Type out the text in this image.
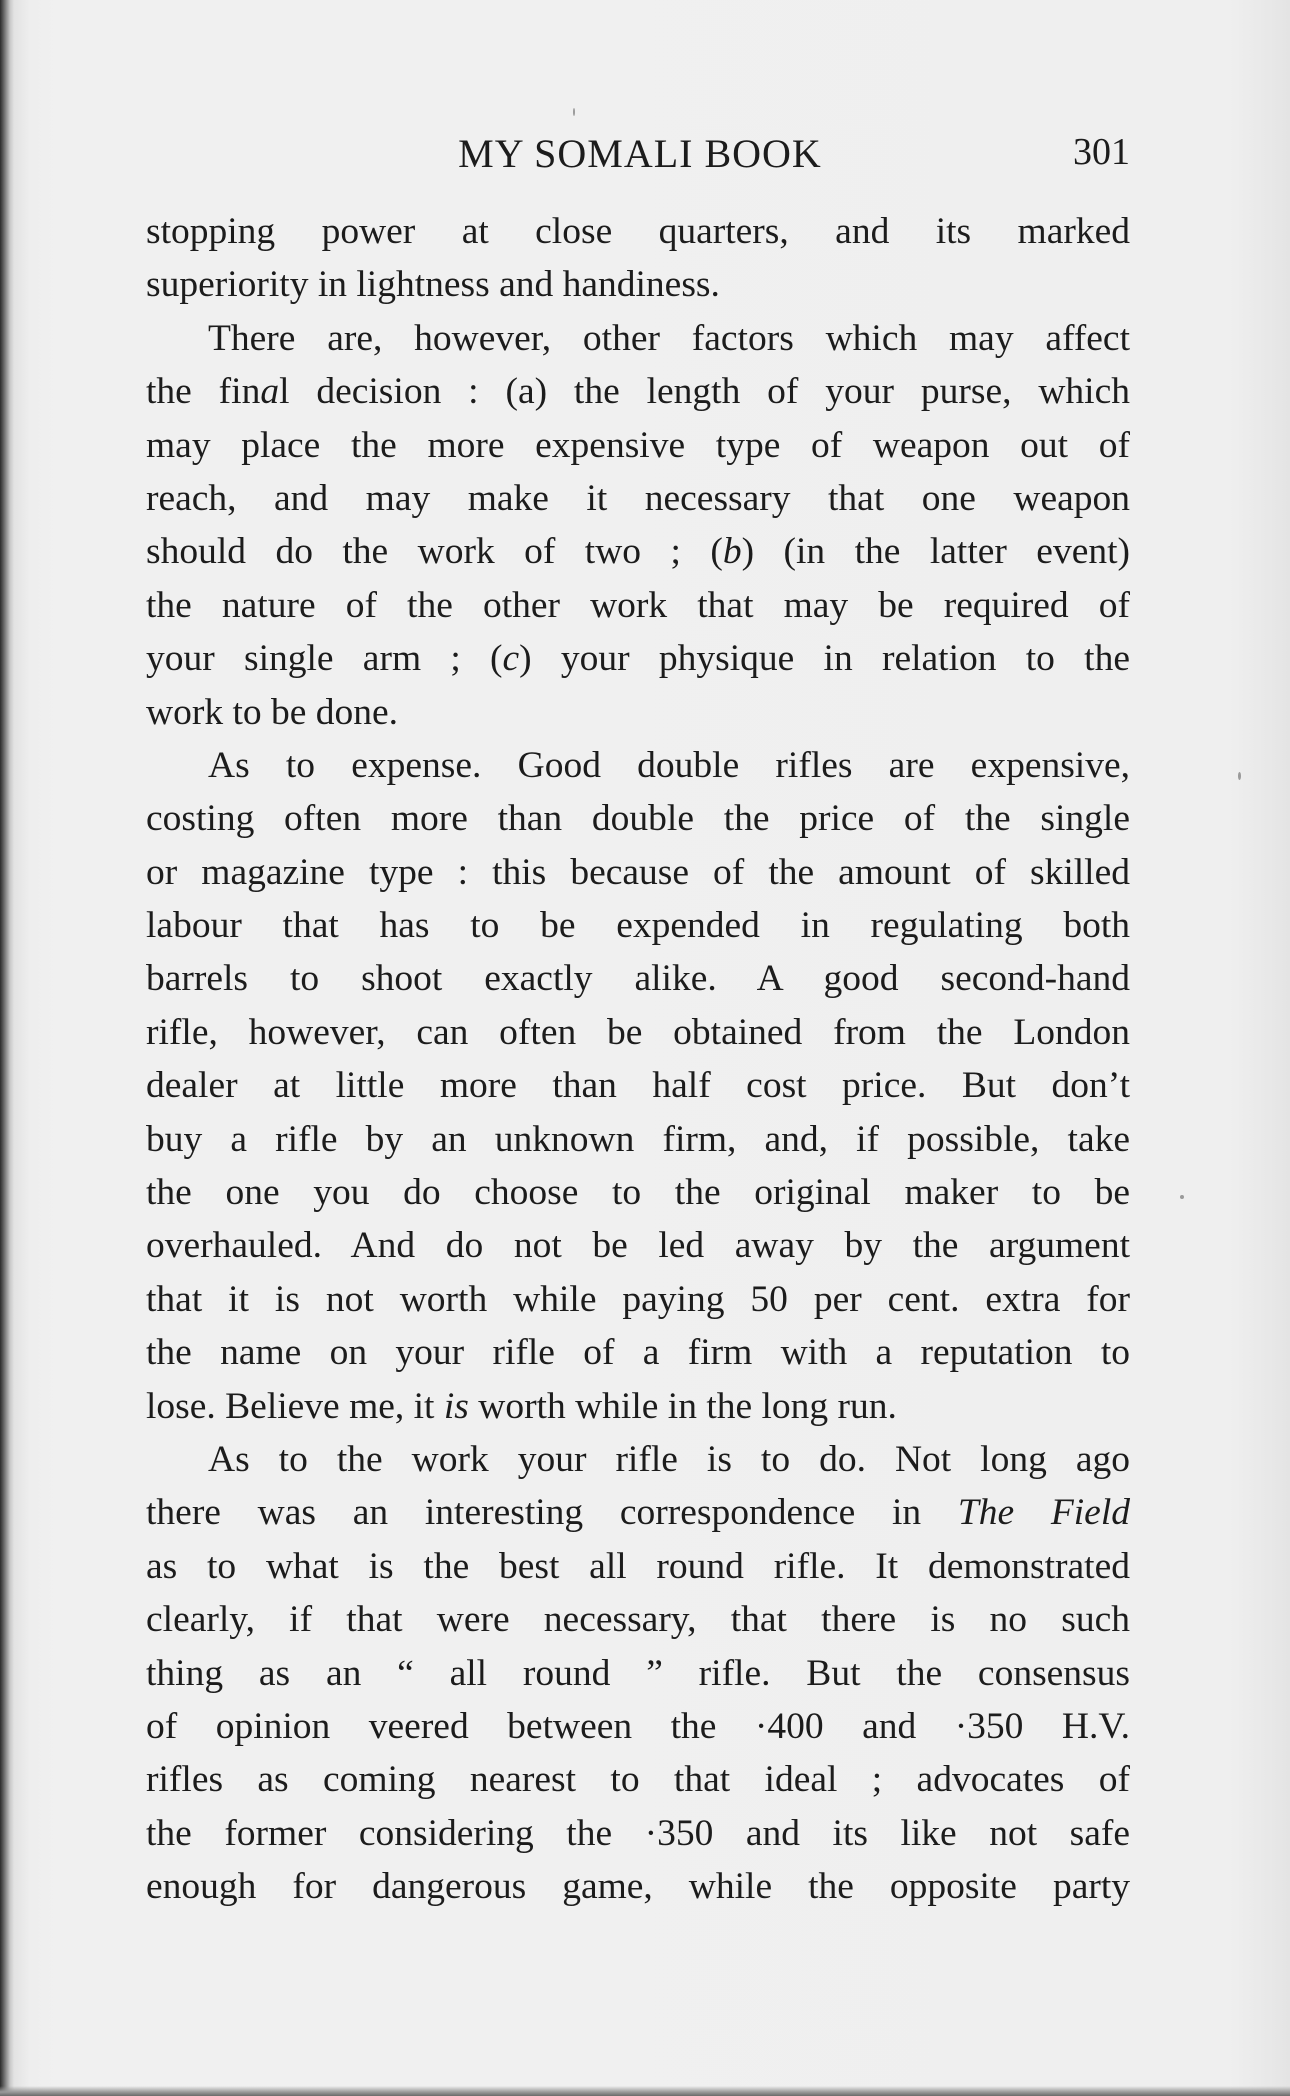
MY SOMALI BOOK	301
stopping power at close quarters, and its marked
superiority in lightness and handiness.
There are, however, other factors which may affect
the final decision : (a) the length of your purse, which
may place the more expensive type of weapon out of
reach, and may make it necessary that one weapon
should do the work of two ; (b) (in the latter event)
the nature of the other work that may be required of
your single arm ; (c) your physique in relation to the
work to be done.
As to expense. Good double rifles are expensive,
costing often more than double the price of the single
or magazine type : this because of the amount of skilled
labour that has to be expended in regulating both
barrels to shoot exactly alike. A good second-hand
rifle, however, can often be obtained from the London
dealer at little more than half cost price. But don’t
buy a rifle by an unknown firm, and, if possible, take
the one you do choose to the original maker to be
overhauled. And do not be led away by the argument
that it is not worth while paying 50 per cent. extra for
the name on your rifle of a firm with a reputation to
lose. Believe me, it is worth while in the long run.
As to the work your rifle is to do. Not long ago
there was an interesting correspondence in The Field
as to what is the best all round rifle. It demonstrated
clearly, if that were necessary, that there is no such
thing as an “ all round ” rifle. But the consensus
of opinion veered between the ·400 and ·350 H.V.
rifles as coming nearest to that ideal ; advocates of
the former considering the ·350 and its like not safe
enough for dangerous game, while the opposite party
